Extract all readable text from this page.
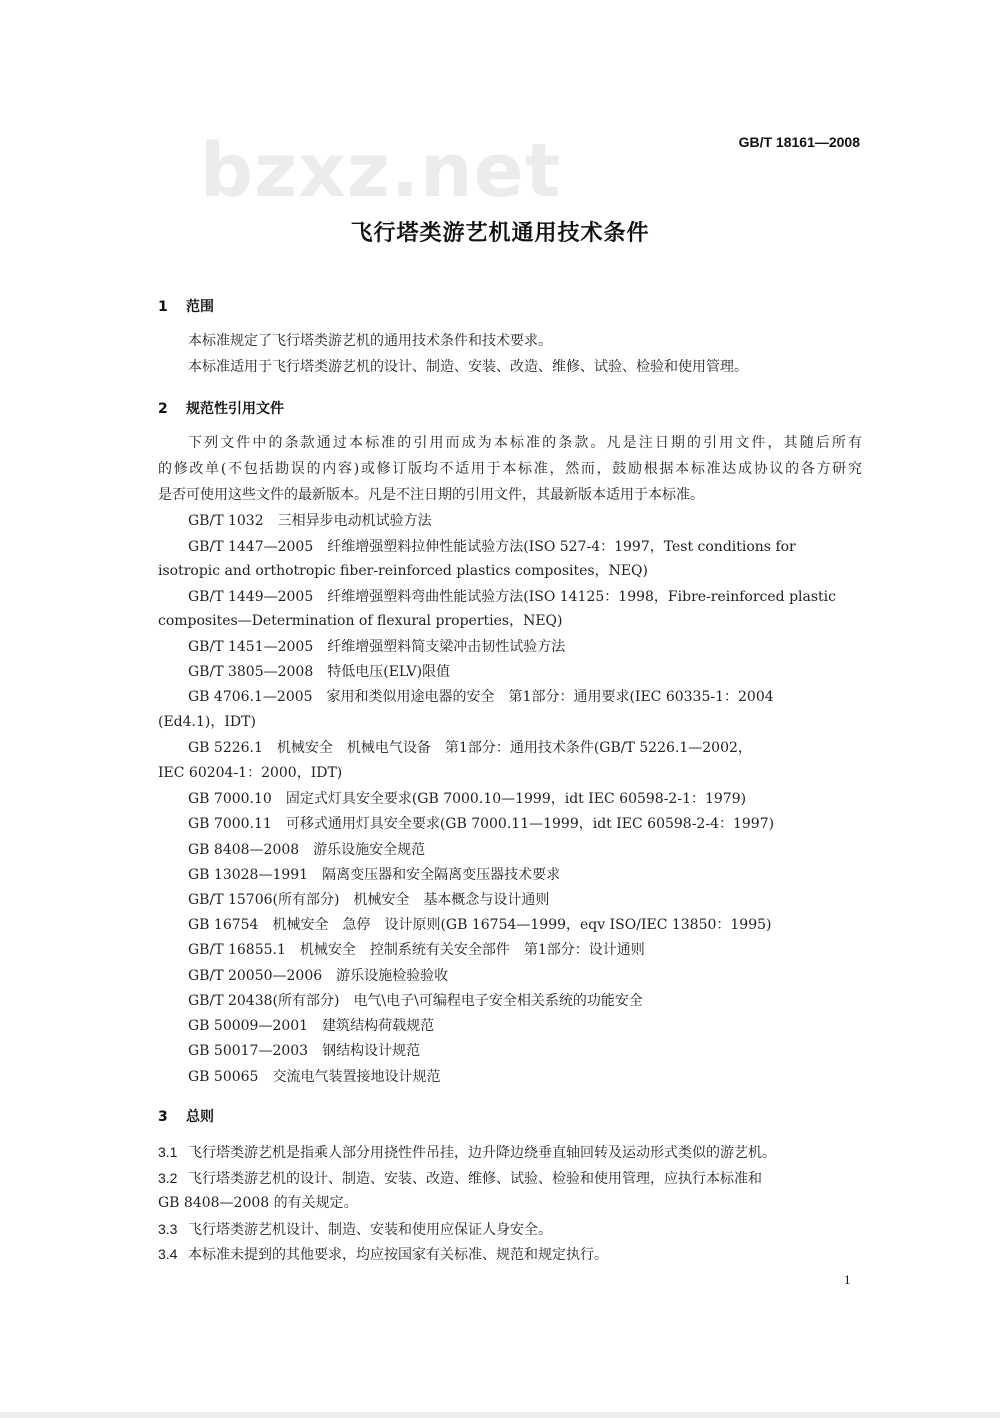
bzxz.net	GB/T 18161—2008
飞行塔类游艺机通用技术条件
1 范围
本标准规定了飞行塔类游艺机的通用技术条件和技术要求。
本标准适用于飞行塔类游艺机的设计、制造、安装、改造、维修、试验、检验和使用管理。
2 规范性引用文件
下列文件中的条款通过本标准的引用而成为本标准的条款。凡是注日期的引用文件，其随后所有
的修改单(不包括勘误的内容)或修订版均不适用于本标准，然而，鼓励根据本标准达成协议的各方研究
是否可使用这些文件的最新版本。凡是不注日期的引用文件，其最新版本适用于本标准。
GB/T 1032 三相异步电动机试验方法
GB/T 1447—2005 纤维增强塑料拉伸性能试验方法(ISO 527-4：1997，Test conditions for
isotropic and orthotropic fiber-reinforced plastics composites，NEQ)
GB/T 1449—2005 纤维增强塑料弯曲性能试验方法(ISO 14125：1998，Fibre-reinforced plastic
composites—Determination of flexural properties，NEQ)
GB/T 1451—2005 纤维增强塑料简支梁冲击韧性试验方法
GB/T 3805—2008 特低电压(ELV)限值
GB 4706.1—2005 家用和类似用途电器的安全　第1部分：通用要求(IEC 60335-1：2004
(Ed4.1)，IDT)
GB 5226.1 机械安全　机械电气设备　第1部分：通用技术条件(GB/T 5226.1—2002，
IEC 60204-1：2000，IDT)
GB 7000.10 固定式灯具安全要求(GB 7000.10—1999，idt IEC 60598-2-1：1979)
GB 7000.11 可移式通用灯具安全要求(GB 7000.11—1999，idt IEC 60598-2-4：1997)
GB 8408—2008 游乐设施安全规范
GB 13028—1991 隔离变压器和安全隔离变压器技术要求
GB/T 15706(所有部分) 机械安全　基本概念与设计通则
GB 16754 机械安全　急停　设计原则(GB 16754—1999，eqv ISO/IEC 13850：1995)
GB/T 16855.1 机械安全　控制系统有关安全部件　第1部分：设计通则
GB/T 20050—2006 游乐设施检验验收
GB/T 20438(所有部分) 电气\电子\可编程电子安全相关系统的功能安全
GB 50009—2001 建筑结构荷载规范
GB 50017—2003 钢结构设计规范
GB 50065 交流电气装置接地设计规范
3 总则
3.1 飞行塔类游艺机是指乘人部分用挠性件吊挂，边升降边绕垂直轴回转及运动形式类似的游艺机。
3.2 飞行塔类游艺机的设计、制造、安装、改造、维修、试验、检验和使用管理，应执行本标准和
GB 8408—2008 的有关规定。
3.3 飞行塔类游艺机设计、制造、安装和使用应保证人身安全。
3.4 本标准未提到的其他要求，均应按国家有关标准、规范和规定执行。
1
